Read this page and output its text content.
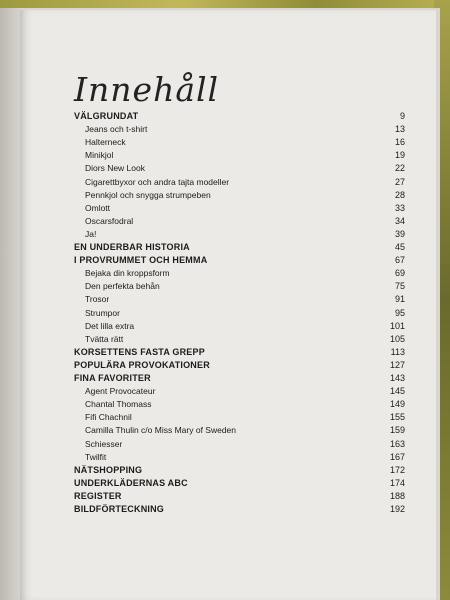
Innehåll
VÄLGRUNDAT	9
Jeans och t-shirt	13
Halterneck	16
Minikjol	19
Diors New Look	22
Cigarettbyxor och andra tajta modeller	27
Pennkjol och snygga strumpeben	28
Omlott	33
Oscarsfodral	34
Ja!	39
EN UNDERBAR HISTORIA	45
I PROVRUMMET OCH HEMMA	67
Bejaka din kroppsform	69
Den perfekta behån	75
Trosor	91
Strumpor	95
Det lilla extra	101
Tvätta rätt	105
KORSETTENS FASTA GREPP	113
POPULÄRA PROVOKATIONER	127
FINA FAVORITER	143
Agent Provocateur	145
Chantal Thomass	149
Fifi Chachnil	155
Camilla Thulin c/o Miss Mary of Sweden	159
Schiesser	163
Twilfit	167
NÄTSHOPPING	172
UNDERKLÄDERNAS ABC	174
REGISTER	188
BILDFÖRTECKNING	192
